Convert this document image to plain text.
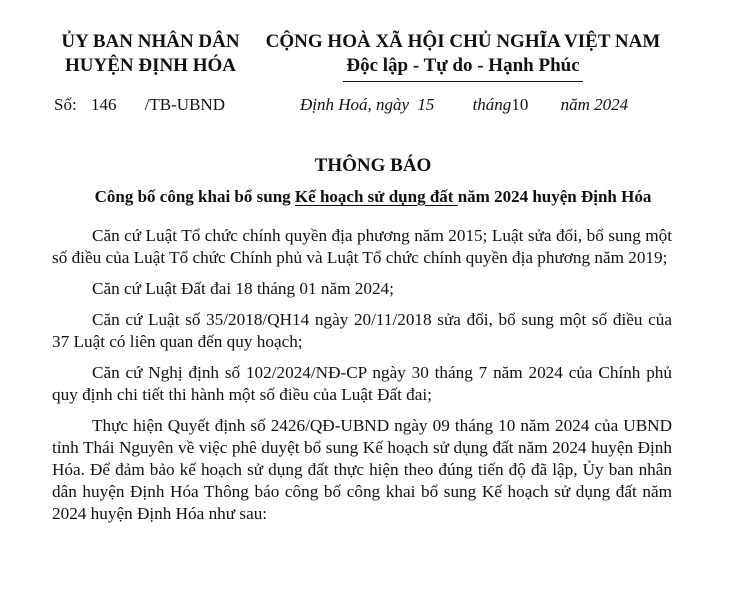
ỦY BAN NHÂN DÂN
HUYỆN ĐỊNH HÓA
CỘNG HOÀ XÃ HỘI CHỦ NGHĨA VIỆT NAM
Độc lập - Tự do - Hạnh Phúc
Số: 146 /TB-UBND	Định Hoá, ngày 15 tháng10 năm 2024
THÔNG BÁO
Công bố công khai bổ sung Kế hoạch sử dụng đất năm 2024 huyện Định Hóa

Căn cứ Luật Tổ chức chính quyền địa phương năm 2015; Luật sửa đổi, bổ sung một số điều của Luật Tổ chức Chính phủ và Luật Tổ chức chính quyền địa phương năm 2019;

Căn cứ Luật Đất đai 18 tháng 01 năm 2024;

Căn cứ Luật số 35/2018/QH14 ngày 20/11/2018 sửa đổi, bổ sung một số điều của 37 Luật có liên quan đến quy hoạch;

Căn cứ Nghị định số 102/2024/NĐ-CP ngày 30 tháng 7 năm 2024 của Chính phủ quy định chi tiết thi hành một số điều của Luật Đất đai;

Thực hiện Quyết định số 2426/QĐ-UBND ngày 09 tháng 10 năm 2024 của UBND tỉnh Thái Nguyên về việc phê duyệt bổ sung Kế hoạch sử dụng đất năm 2024 huyện Định Hóa. Để đảm bảo kế hoạch sử dụng đất thực hiện theo đúng tiến độ đã lập, Ủy ban nhân dân huyện Định Hóa Thông báo công bố công khai bổ sung Kế hoạch sử dụng đất năm 2024 huyện Định Hóa như sau:
